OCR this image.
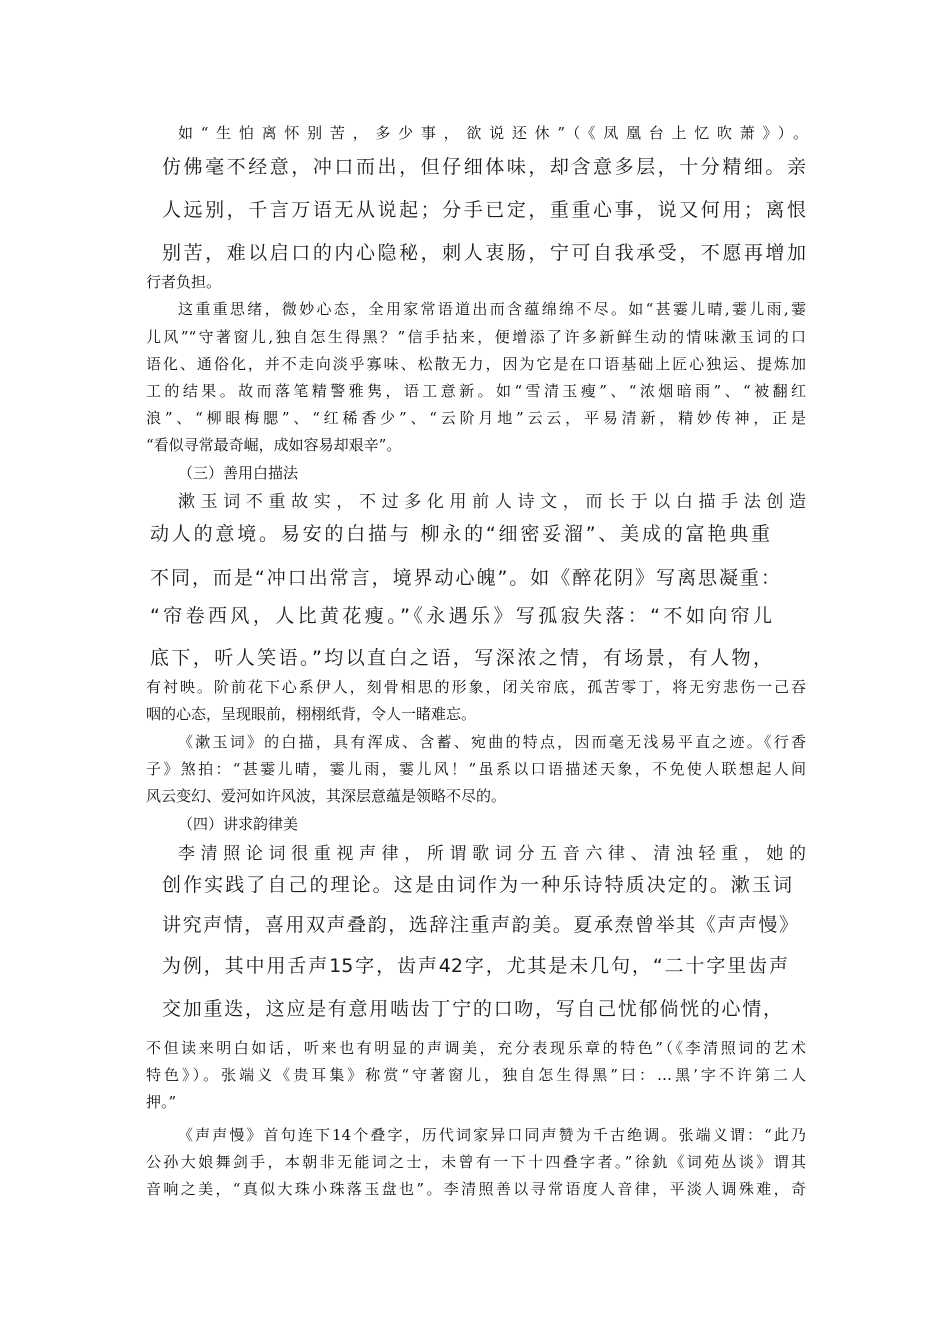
如“生怕离怀别苦，多少事，欲说还休”（《凤凰台上忆吹萧》）。

仿佛毫不经意，冲口而出，但仔细体味，却含意多层，十分精细。亲

人远别，千言万语无从说起；分手已定，重重心事，说又何用；离恨

别苦，难以启口的内心隐秘，刺人衷肠，宁可自我承受，不愿再增加

行者负担。

这重重思绪，微妙心态，全用家常语道出而含蕴绵绵不尽。如“甚霎儿晴,霎儿雨,霎

儿风”“守著窗儿,独自怎生得黑？”信手拈来，便增添了许多新鲜生动的情味漱玉词的口

语化、通俗化，并不走向淡乎寡味、松散无力，因为它是在口语基础上匠心独运、提炼加

工的结果。故而落笔精警雅隽，语工意新。如“雪清玉瘦”、“浓烟暗雨”、“被翻红

浪”、“柳眼梅腮”、“红稀香少”、“云阶月地”云云，平易清新，精妙传神，正是

“看似寻常最奇崛，成如容易却艰辛”。

（三）善用白描法

漱玉词不重故实，不过多化用前人诗文，而长于以白描手法创造

动人的意境。易安的白描与 柳永的“细密妥溜”、美成的富艳典重

不同，而是“冲口出常言，境界动心魄”。如《醉花阴》写离思凝重：

“帘卷西风，人比黄花瘦。”《永遇乐》写孤寂失落：“不如向帘儿

底下，听人笑语。”均以直白之语，写深浓之情，有场景，有人物，

有衬映。阶前花下心系伊人，刻骨相思的形象，闭关帘底，孤苦零丁，将无穷悲伤一己吞

咽的心态，呈现眼前，栩栩纸背，令人一睹难忘。

《漱玉词》的白描，具有浑成、含蓄、宛曲的特点，因而毫无浅易平直之迹。《行香

子》煞拍：“甚霎儿晴，霎儿雨，霎儿风！”虽系以口语描述天象，不免使人联想起人间

风云变幻、爱河如许风波，其深层意蕴是领略不尽的。

（四）讲求韵律美

李清照论词很重视声律，所谓歌词分五音六律、清浊轻重，她的

创作实践了自己的理论。这是由词作为一种乐诗特质决定的。漱玉词

讲究声情，喜用双声叠韵，选辞注重声韵美。夏承焘曾举其《声声慢》

为例，其中用舌声15字，齿声42字，尤其是未几句，“二十字里齿声

交加重迭，这应是有意用啮齿丁宁的口吻，写自己忧郁倘恍的心情，

不但读来明白如话，听来也有明显的声调美，充分表现乐章的特色”（《李清照词的艺术

特色》）。张端义《贵耳集》称赏“守著窗儿，独自怎生得黑”曰：…黑’字不许第二人

押。”

《声声慢》首句连下14个叠字，历代词家异口同声赞为千古绝调。张端义谓：“此乃

公孙大娘舞剑手，本朝非无能词之士，未曾有一下十四叠字者。”徐釚《词苑丛谈》谓其

音响之美，“真似大珠小珠落玉盘也”。李清照善以寻常语度人音律，平淡人调殊难，奇
